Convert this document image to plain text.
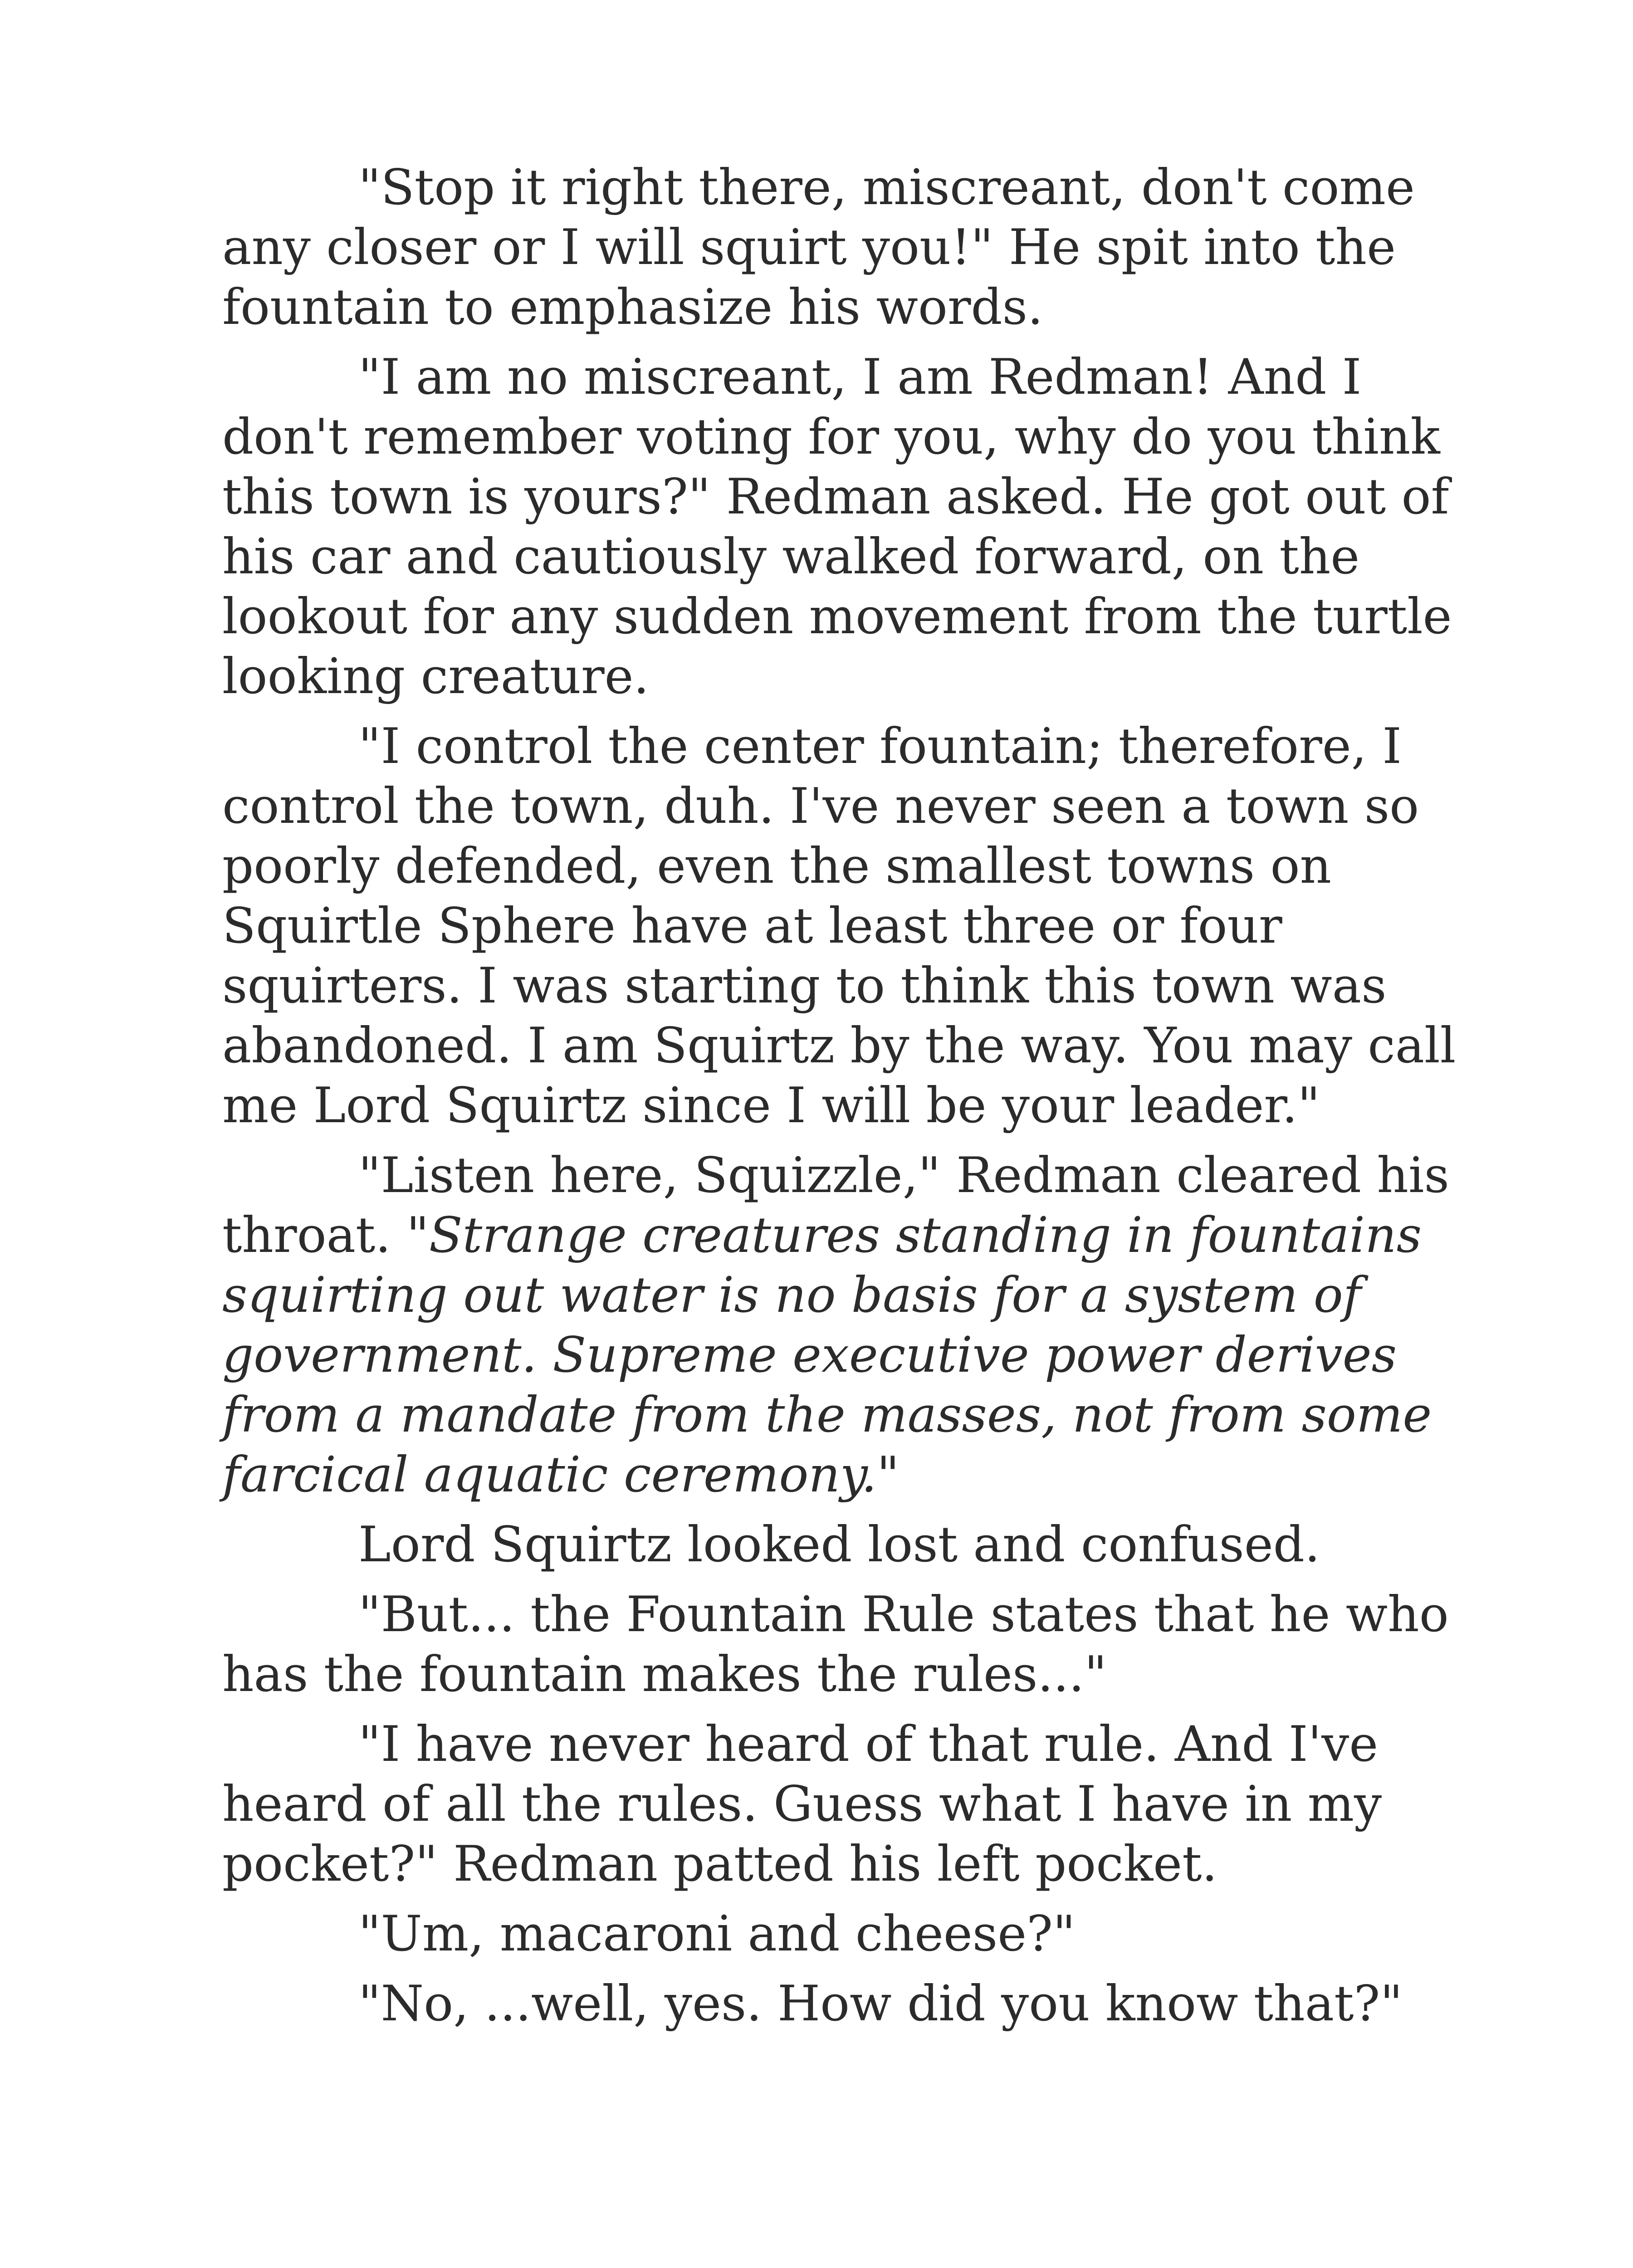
"Stop it right there, miscreant, don't come any closer or I will squirt you!" He spit into the fountain to emphasize his words.

"I am no miscreant, I am Redman! And I don't remember voting for you, why do you think this town is yours?" Redman asked. He got out of his car and cautiously walked forward, on the lookout for any sudden movement from the turtle looking creature.

"I control the center fountain; therefore, I control the town, duh. I've never seen a town so poorly defended, even the smallest towns on Squirtle Sphere have at least three or four squirters. I was starting to think this town was abandoned. I am Squirtz by the way. You may call me Lord Squirtz since I will be your leader."

"Listen here, Squizzle," Redman cleared his throat. "Strange creatures standing in fountains squirting out water is no basis for a system of government. Supreme executive power derives from a mandate from the masses, not from some farcical aquatic ceremony."

Lord Squirtz looked lost and confused.

"But... the Fountain Rule states that he who has the fountain makes the rules..."

"I have never heard of that rule. And I've heard of all the rules. Guess what I have in my pocket?" Redman patted his left pocket.

"Um, macaroni and cheese?"

"No, ...well, yes. How did you know that?"
